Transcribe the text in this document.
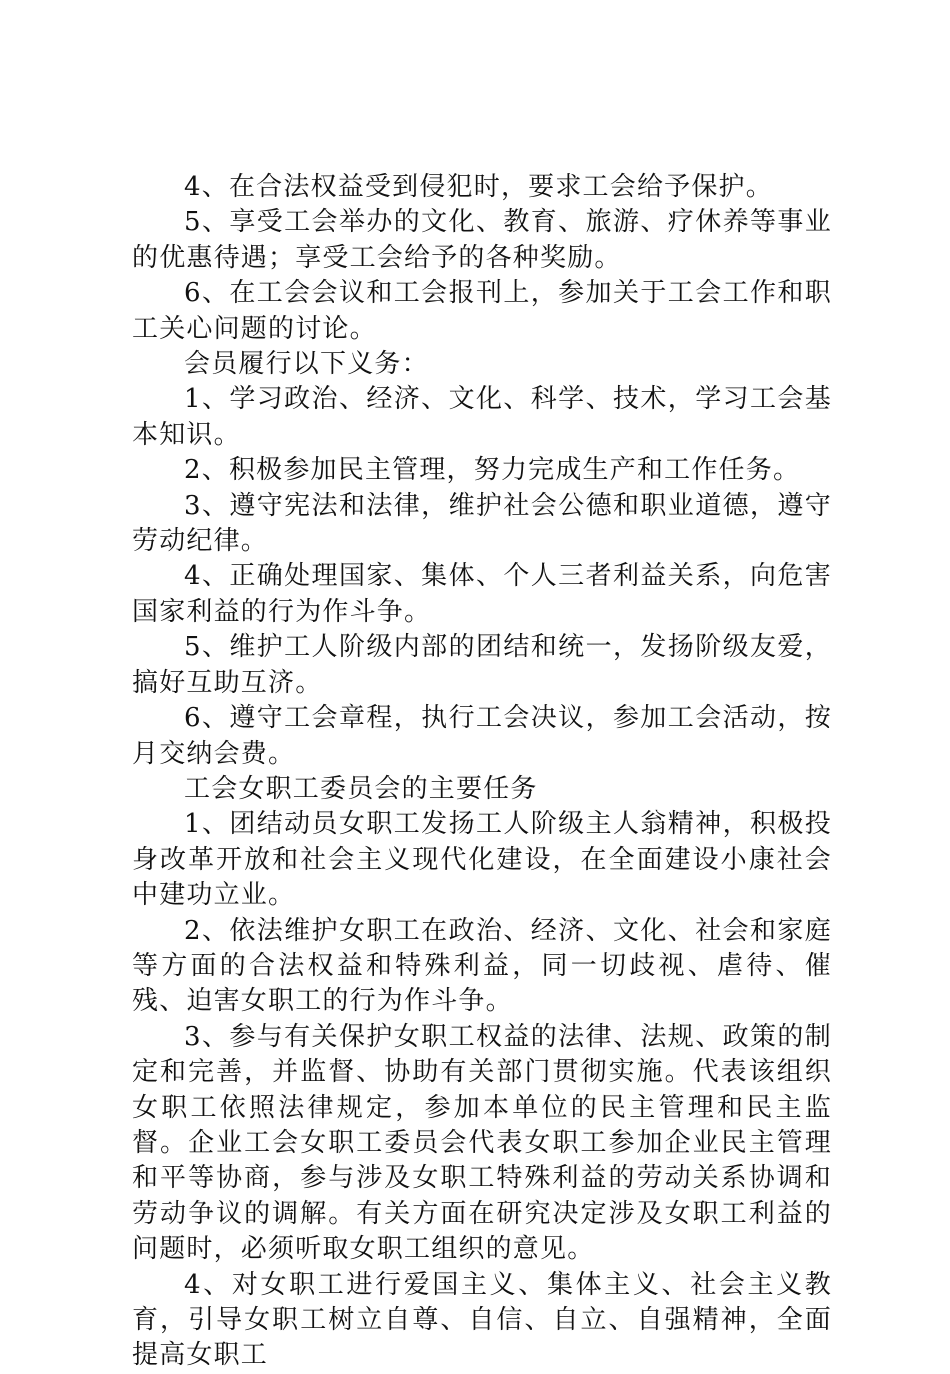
4、在合法权益受到侵犯时，要求工会给予保护。

5、享受工会举办的文化、教育、旅游、疗休养等事业的优惠待遇；享受工会给予的各种奖励。

6、在工会会议和工会报刊上，参加关于工会工作和职工关心问题的讨论。

会员履行以下义务：

1、学习政治、经济、文化、科学、技术，学习工会基本知识。

2、积极参加民主管理，努力完成生产和工作任务。

3、遵守宪法和法律，维护社会公德和职业道德，遵守劳动纪律。

4、正确处理国家、集体、个人三者利益关系，向危害国家利益的行为作斗争。

5、维护工人阶级内部的团结和统一，发扬阶级友爱，搞好互助互济。

6、遵守工会章程，执行工会决议，参加工会活动，按月交纳会费。

工会女职工委员会的主要任务

1、团结动员女职工发扬工人阶级主人翁精神，积极投身改革开放和社会主义现代化建设，在全面建设小康社会中建功立业。

2、依法维护女职工在政治、经济、文化、社会和家庭等方面的合法权益和特殊利益，同一切歧视、虐待、催残、迫害女职工的行为作斗争。

3、参与有关保护女职工权益的法律、法规、政策的制定和完善，并监督、协助有关部门贯彻实施。代表该组织女职工依照法律规定，参加本单位的民主管理和民主监督。企业工会女职工委员会代表女职工参加企业民主管理和平等协商，参与涉及女职工特殊利益的劳动关系协调和劳动争议的调解。有关方面在研究决定涉及女职工利益的问题时，必须听取女职工组织的意见。

4、对女职工进行爱国主义、集体主义、社会主义教育，引导女职工树立自尊、自信、自立、自强精神，全面提高女职工
